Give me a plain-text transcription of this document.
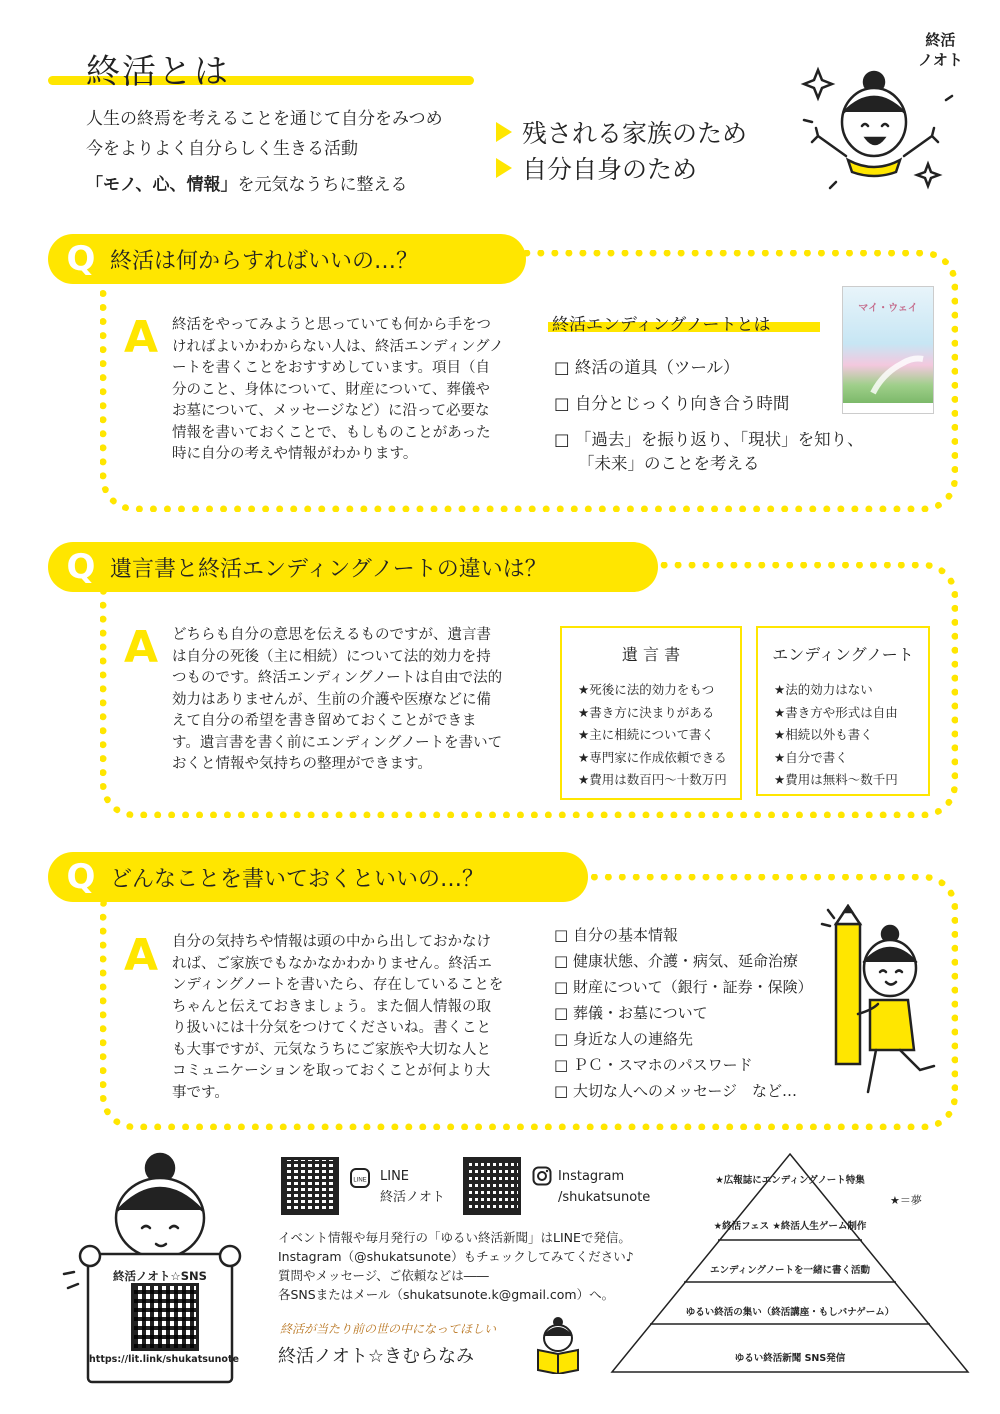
終活とは
人生の終焉を考えることを通じて自分をみつめ
今をよりよく自分らしく生きる活動
「モノ、心、情報」を元気なうちに整える
残される家族のため
自分自身のため
終活
ノオト
Q 終活は何からすればいいの…？
A 終活をやってみようと思っていても何から手をつければよいかわからない人は、終活エンディングノートを書くことをおすすめしています。項目（自分のこと、身体について、財産について、葬儀やお墓について、メッセージなど）に沿って必要な情報を書いておくことで、もしものことがあった時に自分の考えや情報がわかります。
終活エンディングノートとは
□ 終活の道具（ツール）
□ 自分とじっくり向き合う時間
□ 「過去」を振り返り、「現状」を知り、
「未来」のことを考える
マイ・ウェイ
Q 遺言書と終活エンディングノートの違いは？
A どちらも自分の意思を伝えるものですが、遺言書は自分の死後（主に相続）について法的効力を持つものです。終活エンディングノートは自由で法的効力はありませんが、生前の介護や医療などに備えて自分の希望を書き留めておくことができます。遺言書を書く前にエンディングノートを書いておくと情報や気持ちの整理ができます。
遺 言 書
★死後に法的効力をもつ
★書き方に決まりがある
★主に相続について書く
★専門家に作成依頼できる
★費用は数百円〜十数万円
エンディングノート
★法的効力はない
★書き方や形式は自由
★相続以外も書く
★自分で書く
★費用は無料〜数千円
Q どんなことを書いておくといいの…？
A 自分の気持ちや情報は頭の中から出しておかなければ、ご家族でもなかなかわかりません。終活エンディングノートを書いたら、存在していることをちゃんと伝えておきましょう。また個人情報の取り扱いには十分気をつけてくださいね。書くことも大事ですが、元気なうちにご家族や大切な人とコミュニケーションを取っておくことが何より大事です。
□ 自分の基本情報
□ 健康状態、介護・病気、延命治療
□ 財産について（銀行・証券・保険）
□ 葬儀・お墓について
□ 身近な人の連絡先
□ ＰＣ・スマホのパスワード
□ 大切な人へのメッセージ　など…
終活ノオト☆SNS
https://lit.link/shukatsunote
LINE LINE
終活ノオト
Instagram
/shukatsunote
イベント情報や毎月発行の「ゆるい終活新聞」はLINEで発信。
Instagram（@shukatsunote）もチェックしてみてください♪
質問やメッセージ、ご依頼などは――
各SNSまたはメール（shukatsunote.k@gmail.com）へ。
終活が当たり前の世の中になってほしい
終活ノオト☆きむらなみ
★広報誌にエンディングノート特集
★終活フェス ★終活人生ゲーム制作
エンディングノートを一緒に書く活動
ゆるい終活の集い（終活講座・もしバナゲーム）
ゆるい終活新聞 SNS発信
★＝夢
